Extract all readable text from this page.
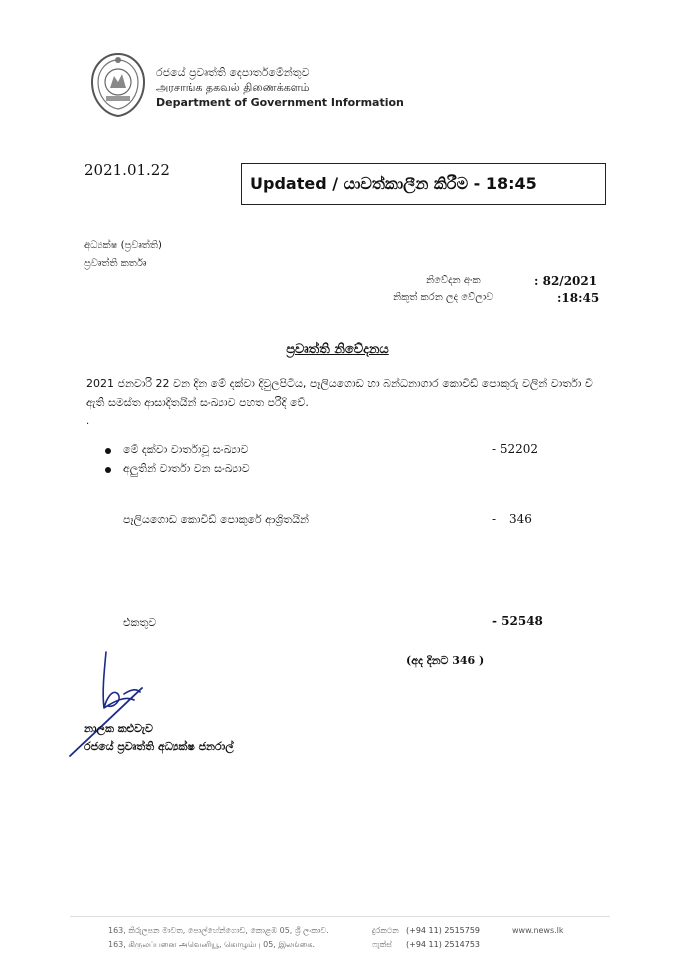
රජයේ ප්‍රවෘත්ති දෙපාර්තමේන්තුව
அரசாங்க தகவல் திணைக்களம்
Department of Government Information
2021.01.22
Updated / යාවත්කාලීන කිරීම - 18:45
අධ්‍යක්ෂ (ප්‍රවෘත්ති)
ප්‍රවෘත්ති කර්තෘ
නිවේදන අංක	: 82/2021
නිකුත් කරන ලද වේලාව	:18:45
ප්‍රවෘත්ති නිවේදනය
2021 ජනවාරි 22 වන දින මේ දක්වා දිවුලපිටිය, පෑලියගොඩ හා බන්ධනාගාර කොවිඩ් පොකුරු වලින් වාර්තා වී ඇති සමස්ත ආසාදිතයින් සංඛ්‍යාව පහත පරිදි වේ.
.
මේ දක්වා වාර්තාවූ සංඛ්‍යාව	- 52202
අලුතින් වාර්තා වන සංඛ්‍යාව
පෑලියගොඩ කොවිඩ් පොකුරේ ආශ්‍රිතයින්	- 346
එකතුව	- 52548
(අද දිනට 346 )
නාලක කළුවැව
රජයේ ප්‍රවෘත්ති අධ්‍යක්ෂ ජනරාල්
163, කිරුලපන මාවත, පොල්හේන්ගොඩ, කොළඹ 05, ශ්‍රී ලංකාව.
163, கிருலப்பனை அவெனியூ, கொழும்பு 05, இலங்கை.
දුරකථන (+94 11) 2515759
ෆැක්ස් (+94 11) 2514753
www.news.lk
